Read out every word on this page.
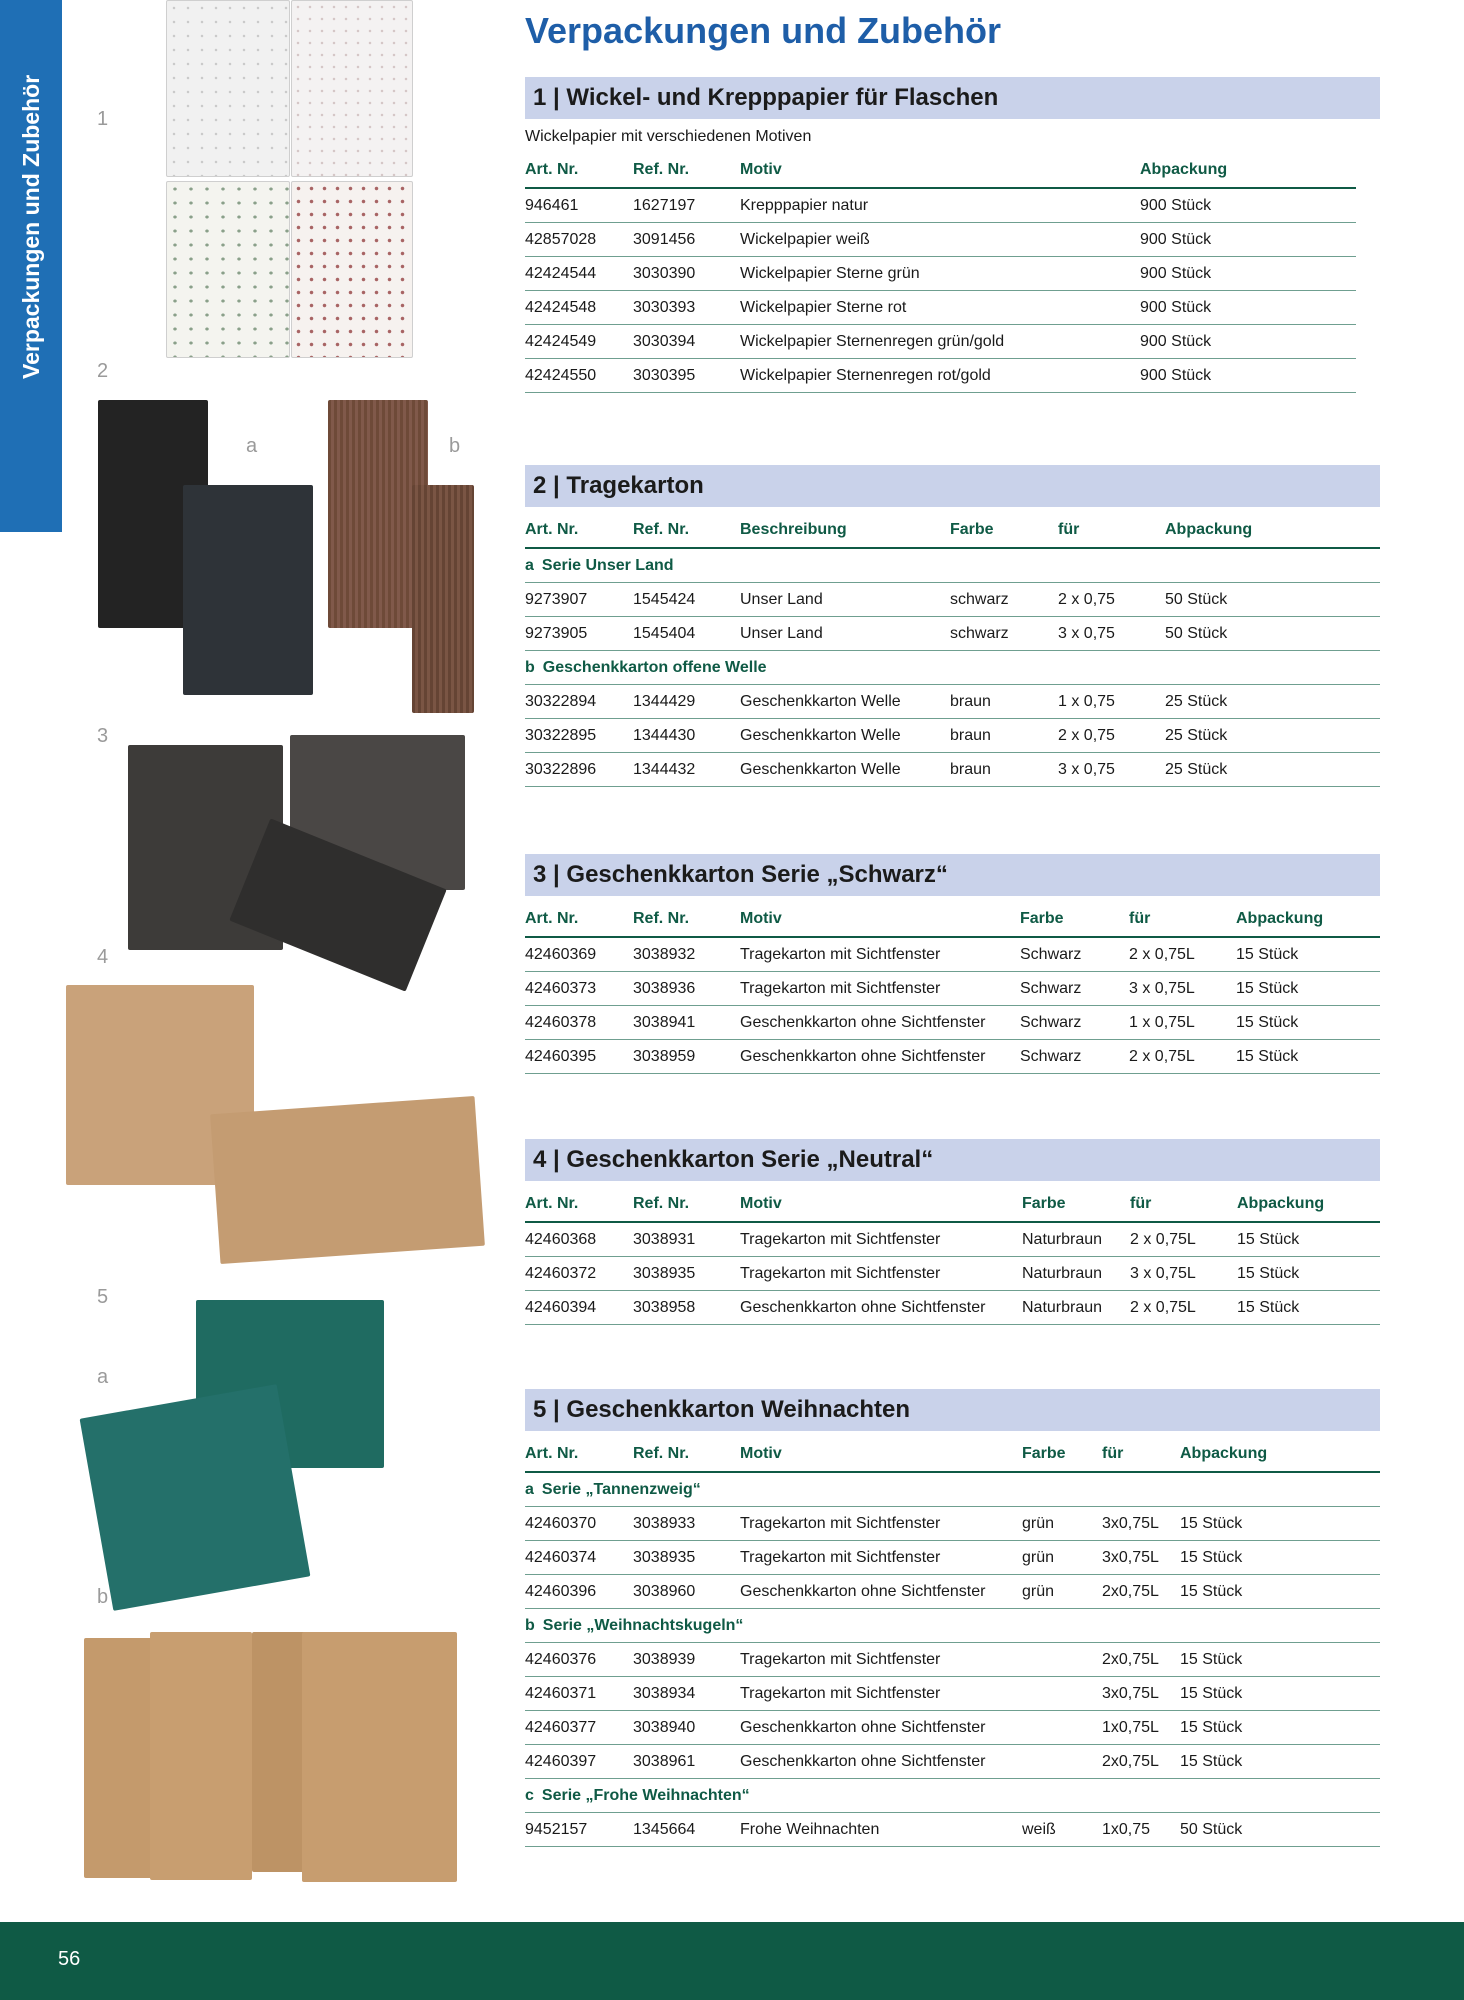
Verpackungen und Zubehör	1
2
a	b
3
4
5
a
b
Verpackungen und Zubehör
1 | Wickel- und Krepppapier für Flaschen
Wickelpapier mit verschiedenen Motiven
Art. Nr.	Ref. Nr.	Motiv	Abpackung
946461	1627197	Krepppapier natur	900 Stück
42857028	3091456	Wickelpapier weiß	900 Stück
42424544	3030390	Wickelpapier Sterne grün	900 Stück
42424548	3030393	Wickelpapier Sterne rot	900 Stück
42424549	3030394	Wickelpapier Sternenregen grün/gold	900 Stück
42424550	3030395	Wickelpapier Sternenregen rot/gold	900 Stück
2 | Tragekarton
Art. Nr.	Ref. Nr.	Beschreibung	Farbe	für	Abpackung
a Serie Unser Land					
9273907	1545424	Unser Land	schwarz	2 x 0,75	50 Stück
9273905	1545404	Unser Land	schwarz	3 x 0,75	50 Stück
b Geschenkkarton offene Welle					
30322894	1344429	Geschenkkarton Welle	braun	1 x 0,75	25 Stück
30322895	1344430	Geschenkkarton Welle	braun	2 x 0,75	25 Stück
30322896	1344432	Geschenkkarton Welle	braun	3 x 0,75	25 Stück
3 | Geschenkkarton Serie „Schwarz“
Art. Nr.	Ref. Nr.	Motiv	Farbe	für	Abpackung
42460369	3038932	Tragekarton mit Sichtfenster	Schwarz	2 x 0,75L	15 Stück
42460373	3038936	Tragekarton mit Sichtfenster	Schwarz	3 x 0,75L	15 Stück
42460378	3038941	Geschenkkarton ohne Sichtfenster	Schwarz	1 x 0,75L	15 Stück
42460395	3038959	Geschenkkarton ohne Sichtfenster	Schwarz	2 x 0,75L	15 Stück
4 | Geschenkkarton Serie „Neutral“
Art. Nr.	Ref. Nr.	Motiv	Farbe	für	Abpackung
42460368	3038931	Tragekarton mit Sichtfenster	Naturbraun	2 x 0,75L	15 Stück
42460372	3038935	Tragekarton mit Sichtfenster	Naturbraun	3 x 0,75L	15 Stück
42460394	3038958	Geschenkkarton ohne Sichtfenster	Naturbraun	2 x 0,75L	15 Stück
5 | Geschenkkarton Weihnachten
Art. Nr.	Ref. Nr.	Motiv	Farbe	für	Abpackung
a Serie „Tannenzweig“					
42460370	3038933	Tragekarton mit Sichtfenster	grün	3x0,75L	15 Stück
42460374	3038935	Tragekarton mit Sichtfenster	grün	3x0,75L	15 Stück
42460396	3038960	Geschenkkarton ohne Sichtfenster	grün	2x0,75L	15 Stück
b Serie „Weihnachtskugeln“					
42460376	3038939	Tragekarton mit Sichtfenster		2x0,75L	15 Stück
42460371	3038934	Tragekarton mit Sichtfenster		3x0,75L	15 Stück
42460377	3038940	Geschenkkarton ohne Sichtfenster		1x0,75L	15 Stück
42460397	3038961	Geschenkkarton ohne Sichtfenster		2x0,75L	15 Stück
c Serie „Frohe Weihnachten“					
9452157	1345664	Frohe Weihnachten	weiß	1x0,75	50 Stück
56
